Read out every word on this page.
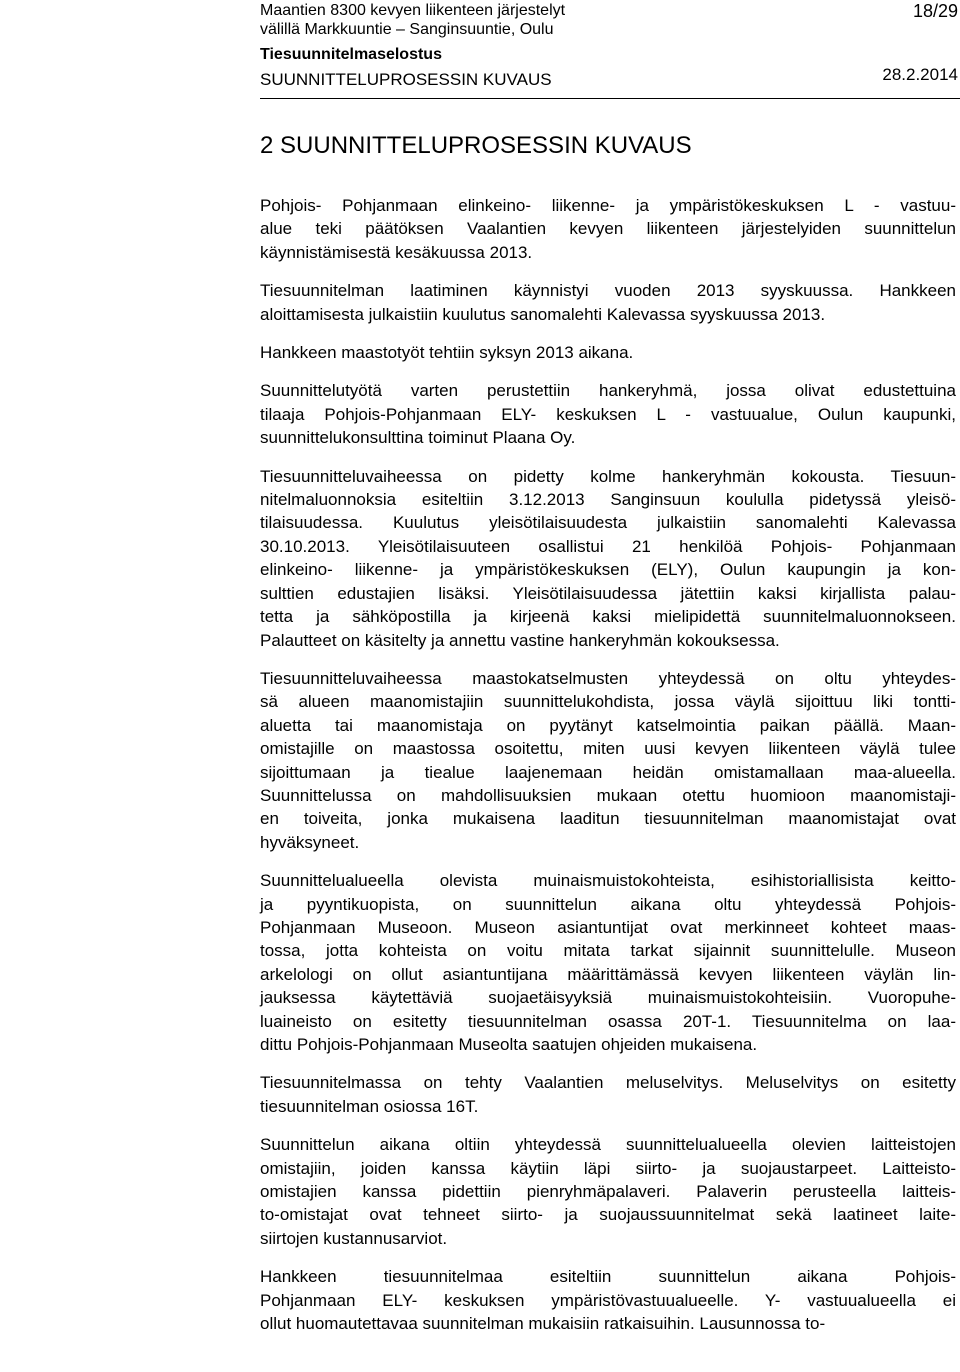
Maantien 8300 kevyen liikenteen järjestelyt
välillä Markkuuntie – Sanginsuuntie, Oulu
Tiesuunnitelmaselostus
SUUNNITTELUPROSESSIN KUVAUS
18/29
28.2.2014
2 SUUNNITTELUPROSESSIN KUVAUS
Pohjois- Pohjanmaan elinkeino- liikenne- ja ympäristökeskuksen L - vastuu-
alue teki päätöksen Vaalantien kevyen liikenteen järjestelyiden suunnittelun
käynnistämisestä kesäkuussa 2013.
Tiesuunnitelman laatiminen käynnistyi vuoden 2013 syyskuussa. Hankkeen
aloittamisesta julkaistiin kuulutus sanomalehti Kalevassa syyskuussa 2013.
Hankkeen maastotyöt tehtiin syksyn 2013 aikana.
Suunnittelutyötä varten perustettiin hankeryhmä, jossa olivat edustettuina
tilaaja Pohjois-Pohjanmaan ELY- keskuksen L - vastuualue, Oulun kaupunki,
suunnittelukonsulttina toiminut Plaana Oy.
Tiesuunnitteluvaiheessa on pidetty kolme hankeryhmän kokousta. Tiesuun-
nitelmaluonnoksia esiteltiin 3.12.2013 Sanginsuun koululla pidetyssä yleisö-
tilaisuudessa. Kuulutus yleisötilaisuudesta julkaistiin sanomalehti Kalevassa
30.10.2013. Yleisötilaisuuteen osallistui 21 henkilöä Pohjois- Pohjanmaan
elinkeino- liikenne- ja ympäristökeskuksen (ELY), Oulun kaupungin ja kon-
sulttien edustajien lisäksi. Yleisötilaisuudessa jätettiin kaksi kirjallista palau-
tetta ja sähköpostilla ja kirjeenä kaksi mielipidettä suunnitelmaluonnokseen.
Palautteet on käsitelty ja annettu vastine hankeryhmän kokouksessa.
Tiesuunnitteluvaiheessa maastokatselmusten yhteydessä on oltu yhteydes-
sä alueen maanomistajiin suunnittelukohdista, jossa väylä sijoittuu liki tontti-
aluetta tai maanomistaja on pyytänyt katselmointia paikan päällä. Maan-
omistajille on maastossa osoitettu, miten uusi kevyen liikenteen väylä tulee
sijoittumaan ja tiealue laajenemaan heidän omistamallaan maa-alueella.
Suunnittelussa on mahdollisuuksien mukaan otettu huomioon maanomistaji-
en toiveita, jonka mukaisena laaditun tiesuunnitelman maanomistajat ovat
hyväksyneet.
Suunnittelualueella olevista muinaismuistokohteista, esihistoriallisista keitto-
ja pyyntikuopista, on suunnittelun aikana oltu yhteydessä Pohjois-
Pohjanmaan Museoon. Museon asiantuntijat ovat merkinneet kohteet maas-
tossa, jotta kohteista on voitu mitata tarkat sijainnit suunnittelulle. Museon
arkelologi on ollut asiantuntijana määrittämässä kevyen liikenteen väylän lin-
jauksessa käytettäviä suojaetäisyyksiä muinaismuistokohteisiin. Vuoropuhe-
luaineisto on esitetty tiesuunnitelman osassa 20T-1. Tiesuunnitelma on laa-
dittu Pohjois-Pohjanmaan Museolta saatujen ohjeiden mukaisena.
Tiesuunnitelmassa on tehty Vaalantien meluselvitys. Meluselvitys on esitetty
tiesuunnitelman osiossa 16T.
Suunnittelun aikana oltiin yhteydessä suunnittelualueella olevien laitteistojen
omistajiin, joiden kanssa käytiin läpi siirto- ja suojaustarpeet. Laitteisto-
omistajien kanssa pidettiin pienryhmäpalaveri. Palaverin perusteella laitteis-
to-omistajat ovat tehneet siirto- ja suojaussuunnitelmat sekä laatineet laite-
siirtojen kustannusarviot.
Hankkeen tiesuunnitelmaa esiteltiin suunnittelun aikana Pohjois-
Pohjanmaan ELY- keskuksen ympäristövastuualueelle. Y- vastuualueella ei
ollut huomautettavaa suunnitelman mukaisiin ratkaisuihin. Lausunnossa to-
